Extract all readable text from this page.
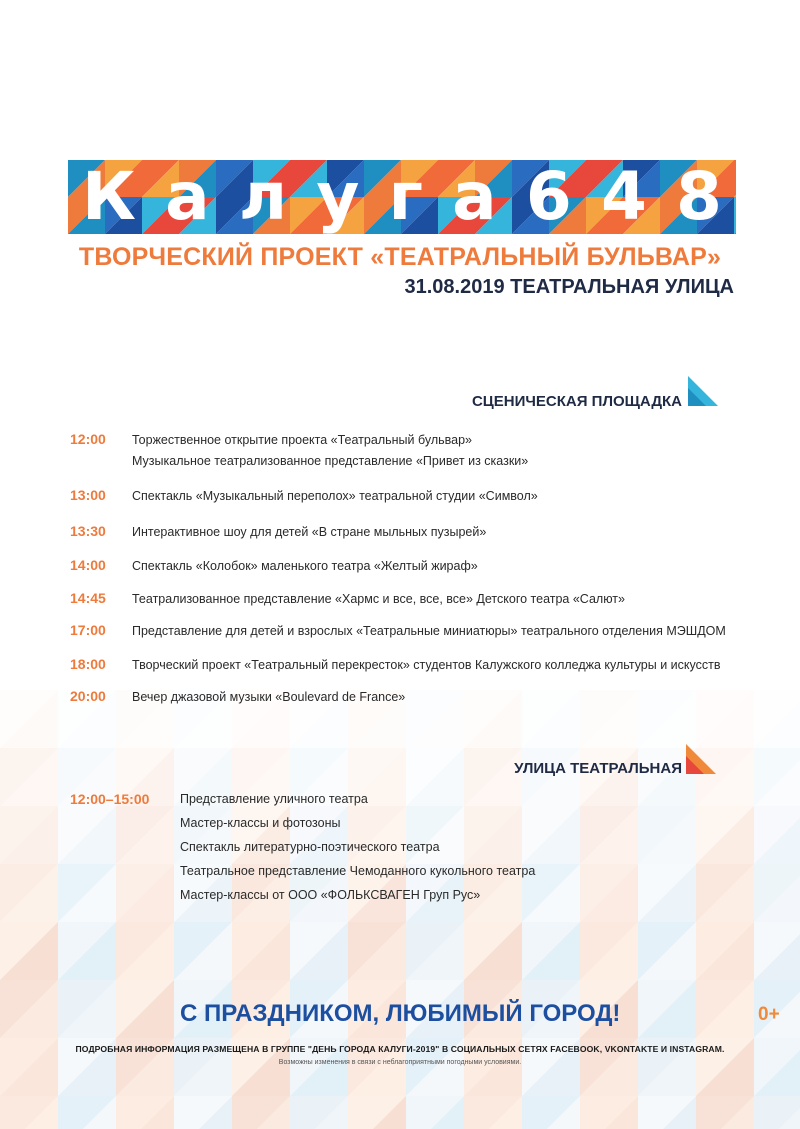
К а л у г а 6 4 8
ТВОРЧЕСКИЙ ПРОЕКТ «ТЕАТРАЛЬНЫЙ БУЛЬВАР»
31.08.2019 ТЕАТРАЛЬНАЯ УЛИЦА
СЦЕНИЧЕСКАЯ ПЛОЩАДКА
12:00	Торжественное открытие проекта «Театральный бульвар»
Музыкальное театрализованное представление «Привет из сказки»
13:00	Спектакль «Музыкальный переполох» театральной студии «Символ»
13:30	Интерактивное шоу для детей «В стране мыльных пузырей»
14:00	Спектакль «Колобок» маленького театра «Желтый жираф»
14:45	Театрализованное представление «Хармс и все, все, все» Детского театра «Салют»
17:00	Представление для детей и взрослых «Театральные миниатюры» театрального отделения МЭШДОМ
18:00	Творческий проект «Театральный перекресток» студентов Калужского колледжа культуры и искусств
20:00	Вечер джазовой музыки «Boulevard de France»
УЛИЦА ТЕАТРАЛЬНАЯ
12:00–15:00 Представление уличного театра
Мастер-классы и фотозоны
Спектакль литературно-поэтического театра
Театральное представление Чемоданного кукольного театра
Мастер-классы от ООО «ФОЛЬКСВАГЕН Груп Рус»
С ПРАЗДНИКОМ, ЛЮБИМЫЙ ГОРОД!	0+
ПОДРОБНАЯ ИНФОРМАЦИЯ РАЗМЕЩЕНА В ГРУППЕ "ДЕНЬ ГОРОДА КАЛУГИ-2019" В СОЦИАЛЬНЫХ СЕТЯХ FACEBOOK, VKONTAKTE И INSTAGRAM.
Возможны изменения в связи с неблагоприятными погодными условиями.
